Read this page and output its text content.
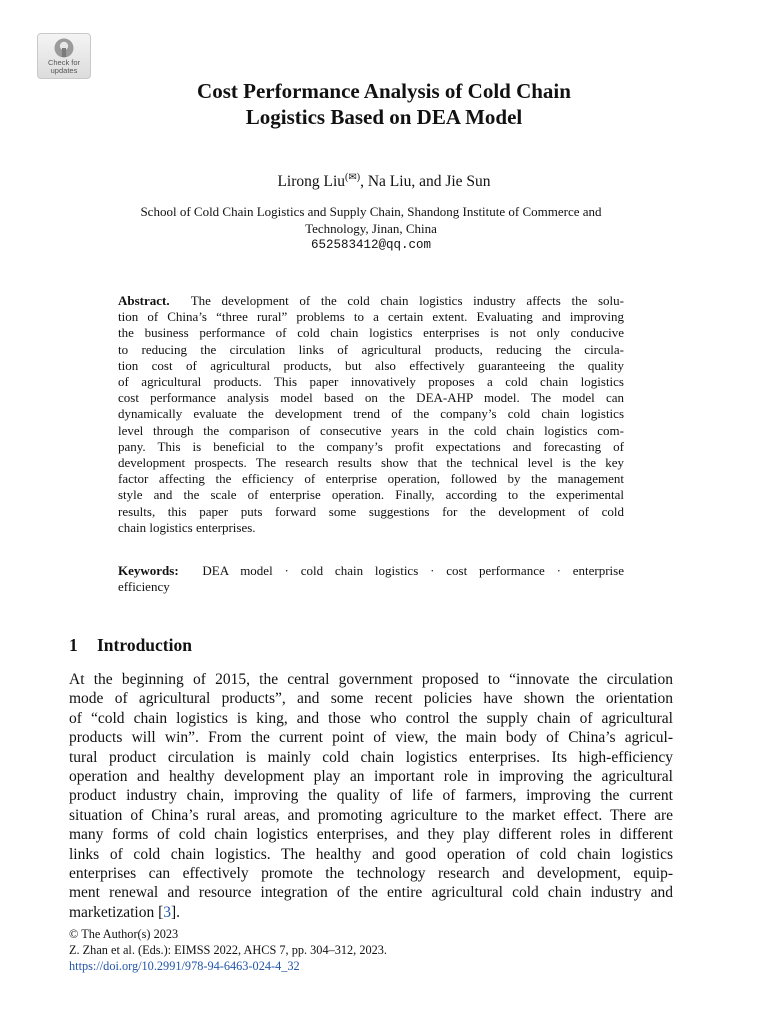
Check for
updates
Cost Performance Analysis of Cold Chain
Logistics Based on DEA Model
Lirong Liu(✉), Na Liu, and Jie Sun
School of Cold Chain Logistics and Supply Chain, Shandong Institute of Commerce and
Technology, Jinan, China
652583412@qq.com
Abstract. The development of the cold chain logistics industry affects the solu-
tion of China’s “three rural” problems to a certain extent. Evaluating and improving
the business performance of cold chain logistics enterprises is not only conducive
to reducing the circulation links of agricultural products, reducing the circula-
tion cost of agricultural products, but also effectively guaranteeing the quality
of agricultural products. This paper innovatively proposes a cold chain logistics
cost performance analysis model based on the DEA-AHP model. The model can
dynamically evaluate the development trend of the company’s cold chain logistics
level through the comparison of consecutive years in the cold chain logistics com-
pany. This is beneficial to the company’s profit expectations and forecasting of
development prospects. The research results show that the technical level is the key
factor affecting the efficiency of enterprise operation, followed by the management
style and the scale of enterprise operation. Finally, according to the experimental
results, this paper puts forward some suggestions for the development of cold
chain logistics enterprises.
Keywords: DEA model · cold chain logistics · cost performance · enterprise
efficiency
1 Introduction
At the beginning of 2015, the central government proposed to “innovate the circulation
mode of agricultural products”, and some recent policies have shown the orientation
of “cold chain logistics is king, and those who control the supply chain of agricultural
products will win”. From the current point of view, the main body of China’s agricul-
tural product circulation is mainly cold chain logistics enterprises. Its high-efficiency
operation and healthy development play an important role in improving the agricultural
product industry chain, improving the quality of life of farmers, improving the current
situation of China’s rural areas, and promoting agriculture to the market effect. There are
many forms of cold chain logistics enterprises, and they play different roles in different
links of cold chain logistics. The healthy and good operation of cold chain logistics
enterprises can effectively promote the technology research and development, equip-
ment renewal and resource integration of the entire agricultural cold chain industry and
marketization [3].
© The Author(s) 2023
Z. Zhan et al. (Eds.): EIMSS 2022, AHCS 7, pp. 304–312, 2023.
https://doi.org/10.2991/978-94-6463-024-4_32
